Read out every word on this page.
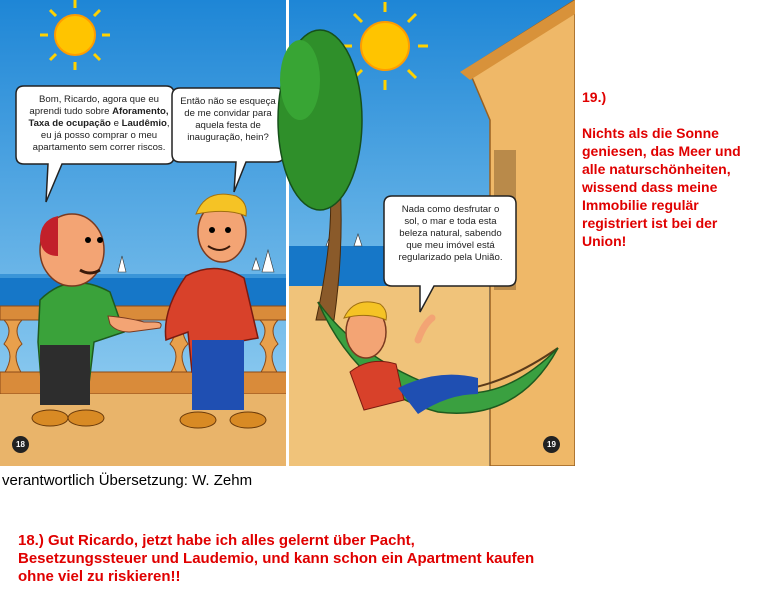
Bom, Ricardo, agora que eu aprendi tudo sobre Aforamento,
Taxa de ocupação e Laudêmio, eu já posso comprar o meu apartamento sem correr riscos.
Então não se esqueça de me convidar para aquela festa de inauguração, hein?
Nada como desfrutar o sol, o mar e toda esta beleza natural, sabendo que meu imóvel está regularizado pela União.
18	19
19.)
Nichts als die Sonne geniesen, das Meer und alle naturschönheiten, wissend dass meine Immobilie regulär registriert ist bei der Union!
verantwortlich Übersetzung: W. Zehm
18.) Gut Ricardo, jetzt habe ich alles gelernt über Pacht, Besetzungssteuer und Laudemio, und kann schon ein Apartment kaufen ohne viel zu riskieren!!
